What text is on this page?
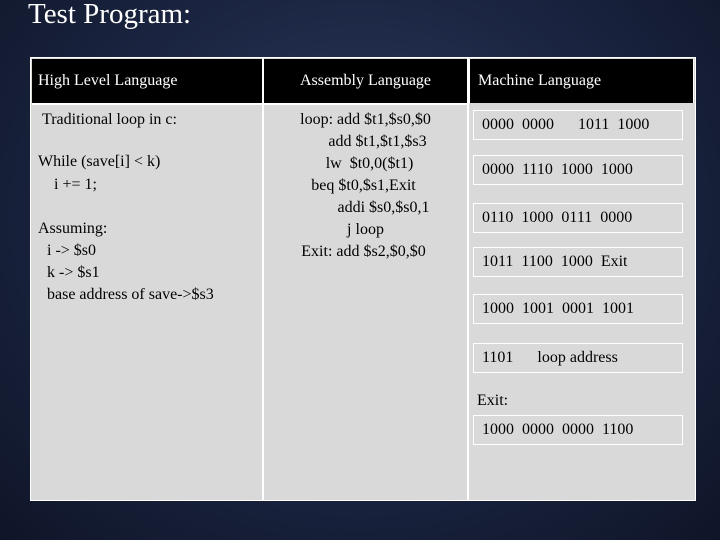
Test Program:
High Level Language	Assembly Language	Machine Language
Traditional loop in c:
While (save[i] < k)
i += 1;
Assuming:
i -> $s0
k -> $s1
base address of save->$s3
loop: add $t1,$s0,$0
add $t1,$t1,$s3
lw  $t0,0($t1)
beq $t0,$s1,Exit
addi $s0,$s0,1
j loop
Exit: add $s2,$0,$0
0000  0000      1011  1000
0000  1110  1000  1000
0110  1000  0111  0000
1011  1100  1000  Exit
1000  1001  0001  1001
1101      loop address
Exit:
1000  0000  0000  1100
